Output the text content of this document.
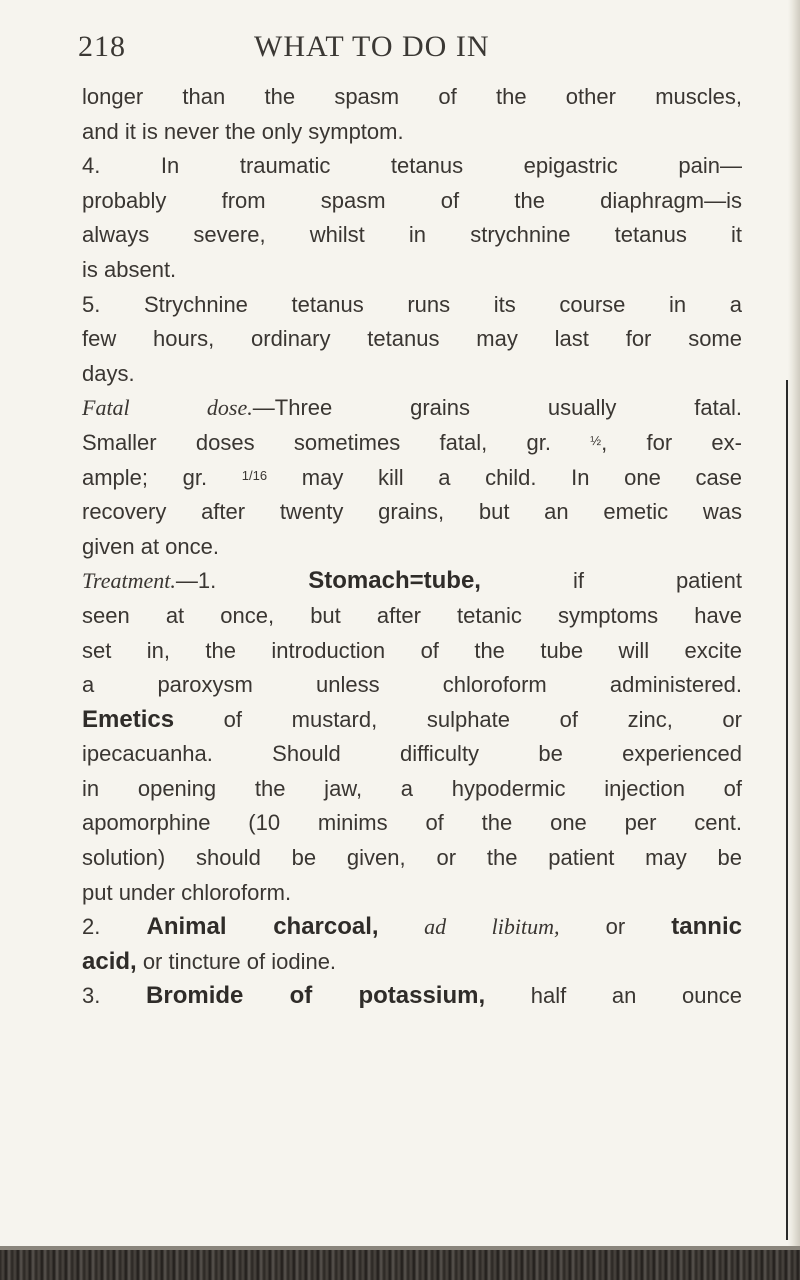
218	WHAT TO DO IN
longer than the spasm of the other muscles,
and it is never the only symptom.
4. In traumatic tetanus epigastric pain—
probably from spasm of the diaphragm—is
always severe, whilst in strychnine tetanus it
is absent.
5. Strychnine tetanus runs its course in a
few hours, ordinary tetanus may last for some
days.
Fatal dose.—Three grains usually fatal.
Smaller doses sometimes fatal, gr. $^{\frac{1}{2}}$, for ex-
ample; gr. $^{1/16}$ may kill a child. In one case
recovery after twenty grains, but an emetic was
given at once.
Treatment.—1. Stomach=tube, if patient
seen at once, but after tetanic symptoms have
set in, the introduction of the tube will excite
a paroxysm unless chloroform administered.
Emetics of mustard, sulphate of zinc, or
ipecacuanha. Should difficulty be experienced
in opening the jaw, a hypodermic injection of
apomorphine (10 minims of the one per cent.
solution) should be given, or the patient may be
put under chloroform.
2. Animal charcoal, ad libitum, or tannic
acid, or tincture of iodine.
3. Bromide of potassium, half an ounce
